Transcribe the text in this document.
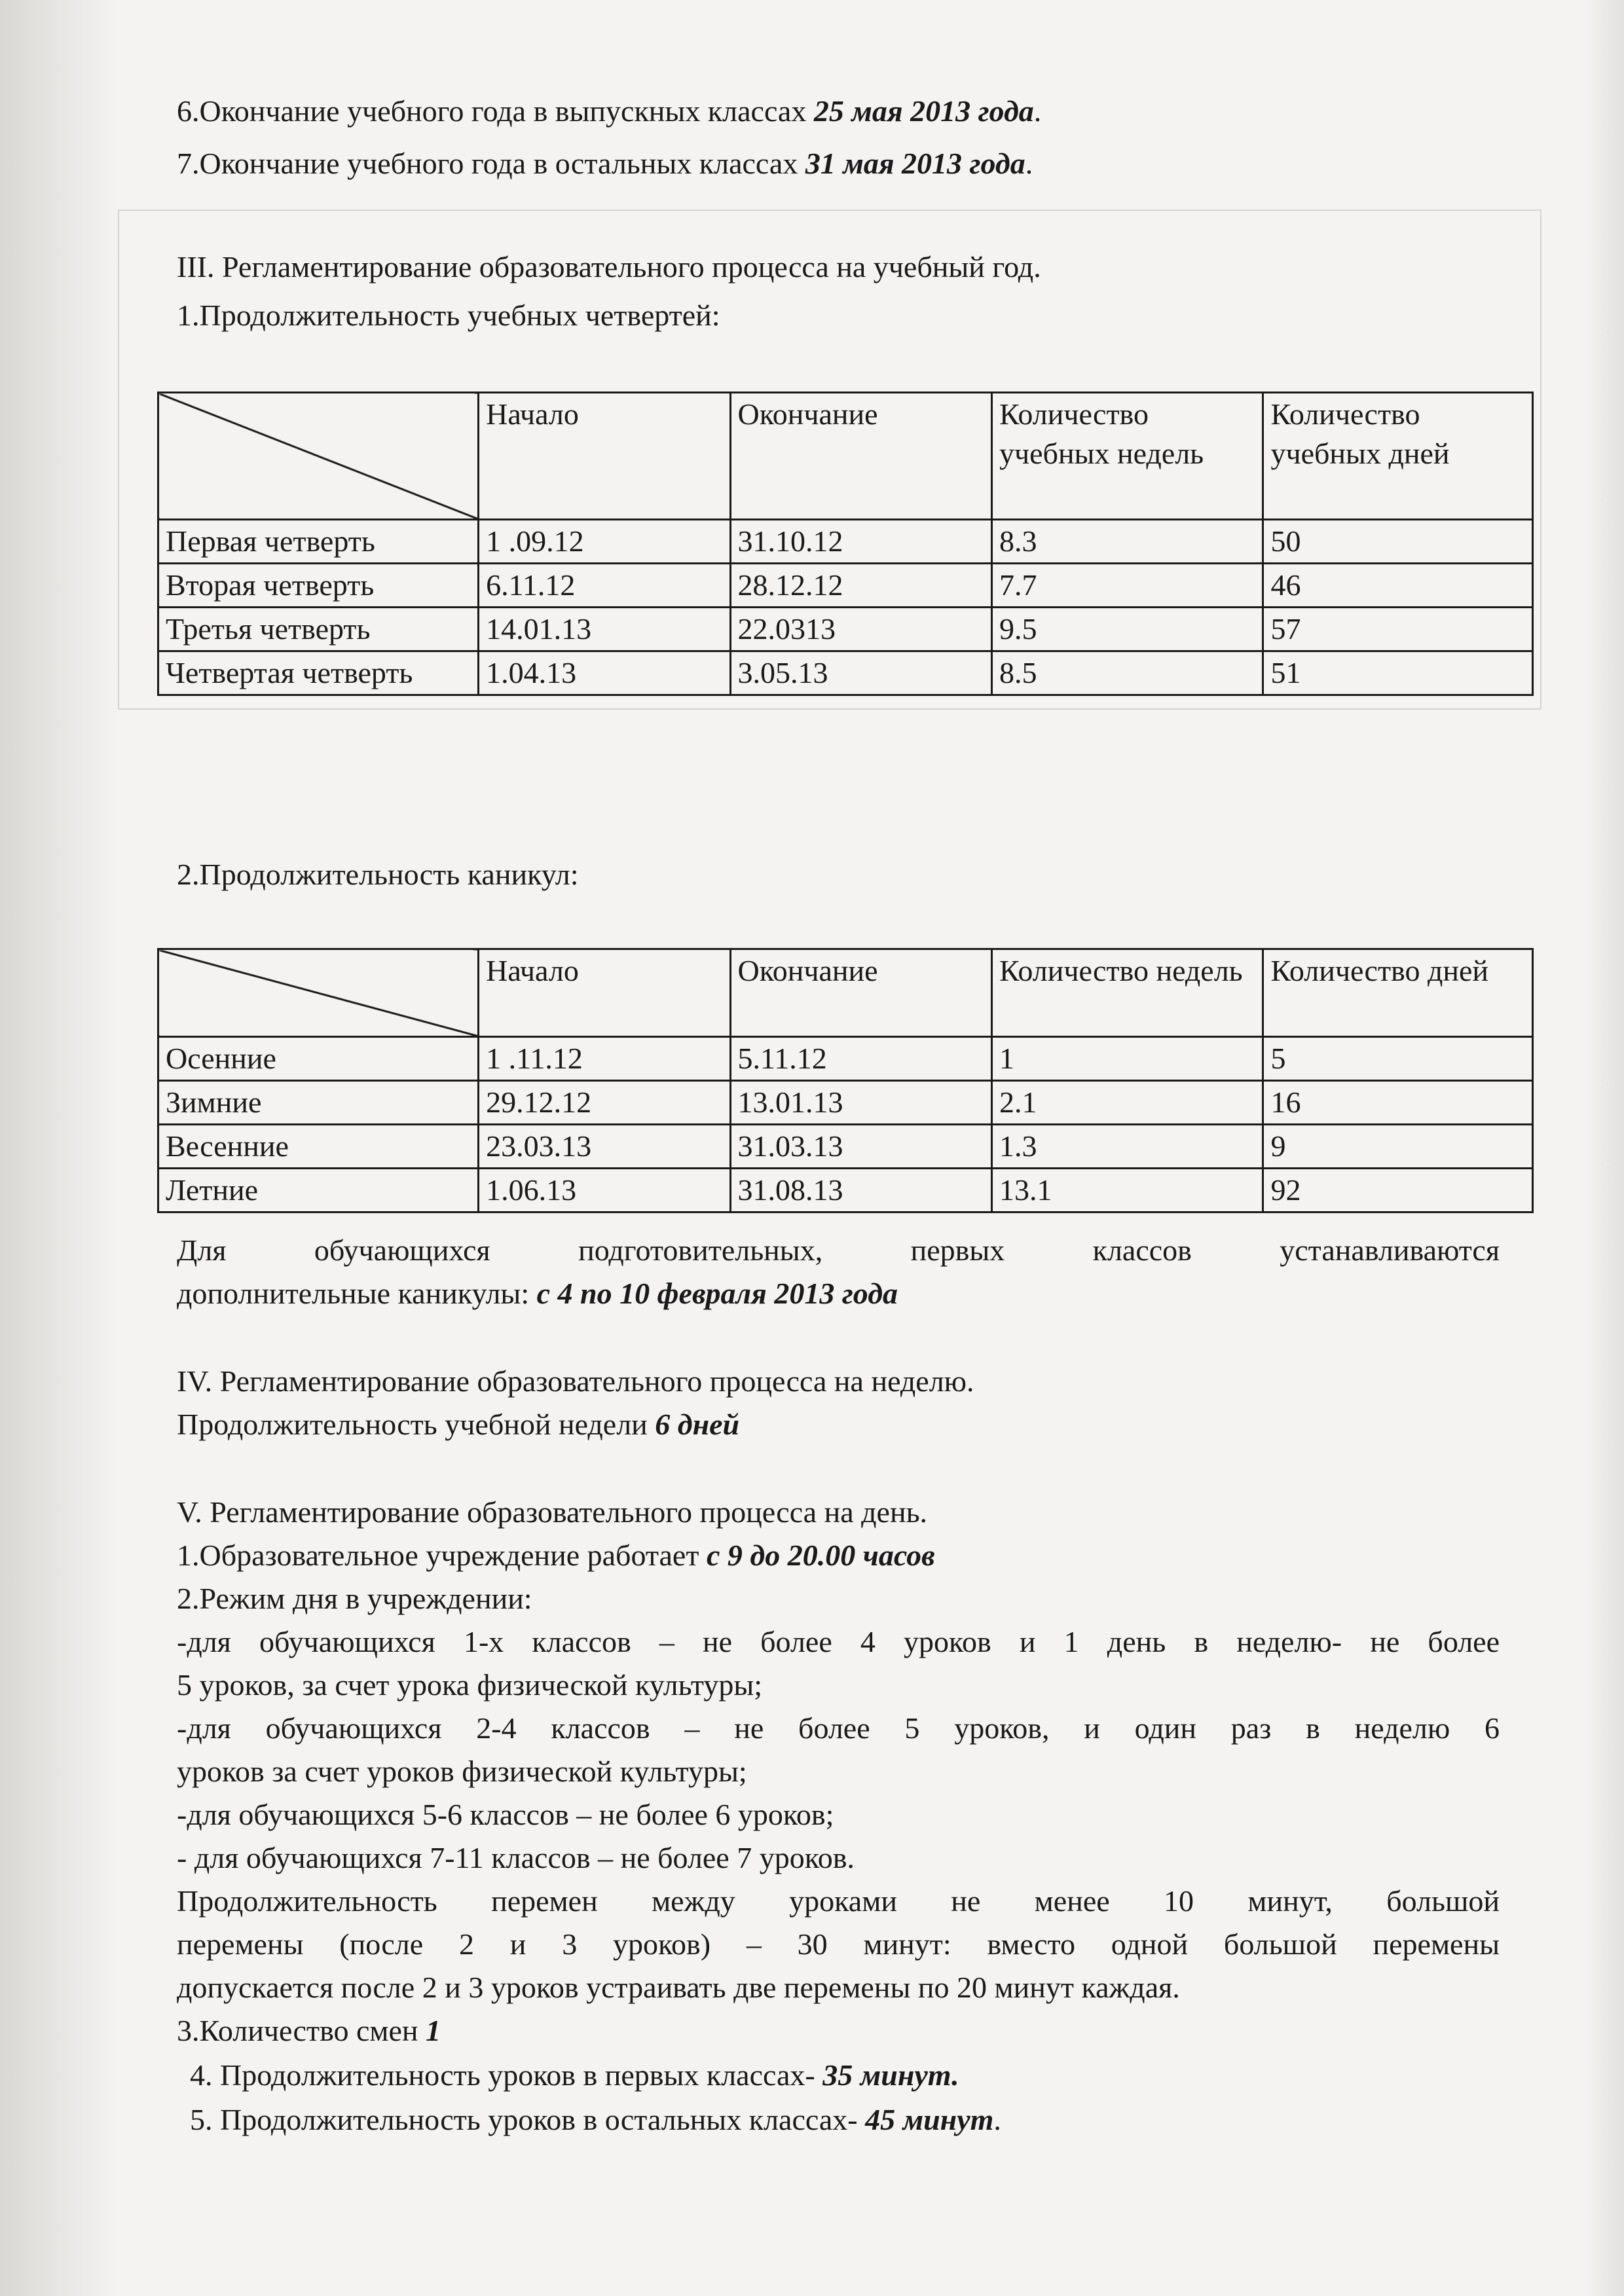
6.Окончание учебного года в выпускных классах 25 мая 2013 года.
7.Окончание учебного года в остальных классах 31 мая 2013 года.
III. Регламентирование образовательного процесса на учебный год.
1.Продолжительность учебных четвертей:
	Начало	Окончание	Количество учебных недель	Количество учебных дней
Первая четверть	1 .09.12	31.10.12	8.3	50
Вторая четверть	6.11.12	28.12.12	7.7	46
Третья четверть	14.01.13	22.0313	9.5	57
Четвертая четверть	1.04.13	3.05.13	8.5	51
2.Продолжительность каникул:
	Начало	Окончание	Количество недель	Количество дней
Осенние	1 .11.12	5.11.12	1	5
Зимние	29.12.12	13.01.13	2.1	16
Весенние	23.03.13	31.03.13	1.3	9
Летние	1.06.13	31.08.13	13.1	92
Для обучающихся подготовительных, первых классов устанавливаются
дополнительные каникулы: с 4 по 10 февраля 2013 года
IV. Регламентирование образовательного процесса на неделю.
Продолжительность учебной недели 6 дней
V. Регламентирование образовательного процесса на день.
1.Образовательное учреждение работает с 9 до 20.00 часов
2.Режим дня в учреждении:
-для обучающихся 1-х классов – не более 4 уроков и 1 день в неделю- не более
5 уроков, за счет урока физической культуры;
-для обучающихся 2-4 классов – не более 5 уроков, и один раз в неделю 6
уроков за счет уроков физической культуры;
-для обучающихся 5-6 классов – не более 6 уроков;
- для обучающихся 7-11 классов – не более 7 уроков.
Продолжительность перемен между уроками не менее 10 минут, большой
перемены (после 2 и 3 уроков) – 30 минут: вместо одной большой перемены
допускается после 2 и 3 уроков устраивать две перемены по 20 минут каждая.
3.Количество смен 1
4. Продолжительность уроков в первых классах- 35 минут.
5. Продолжительность уроков в остальных классах- 45 минут.
